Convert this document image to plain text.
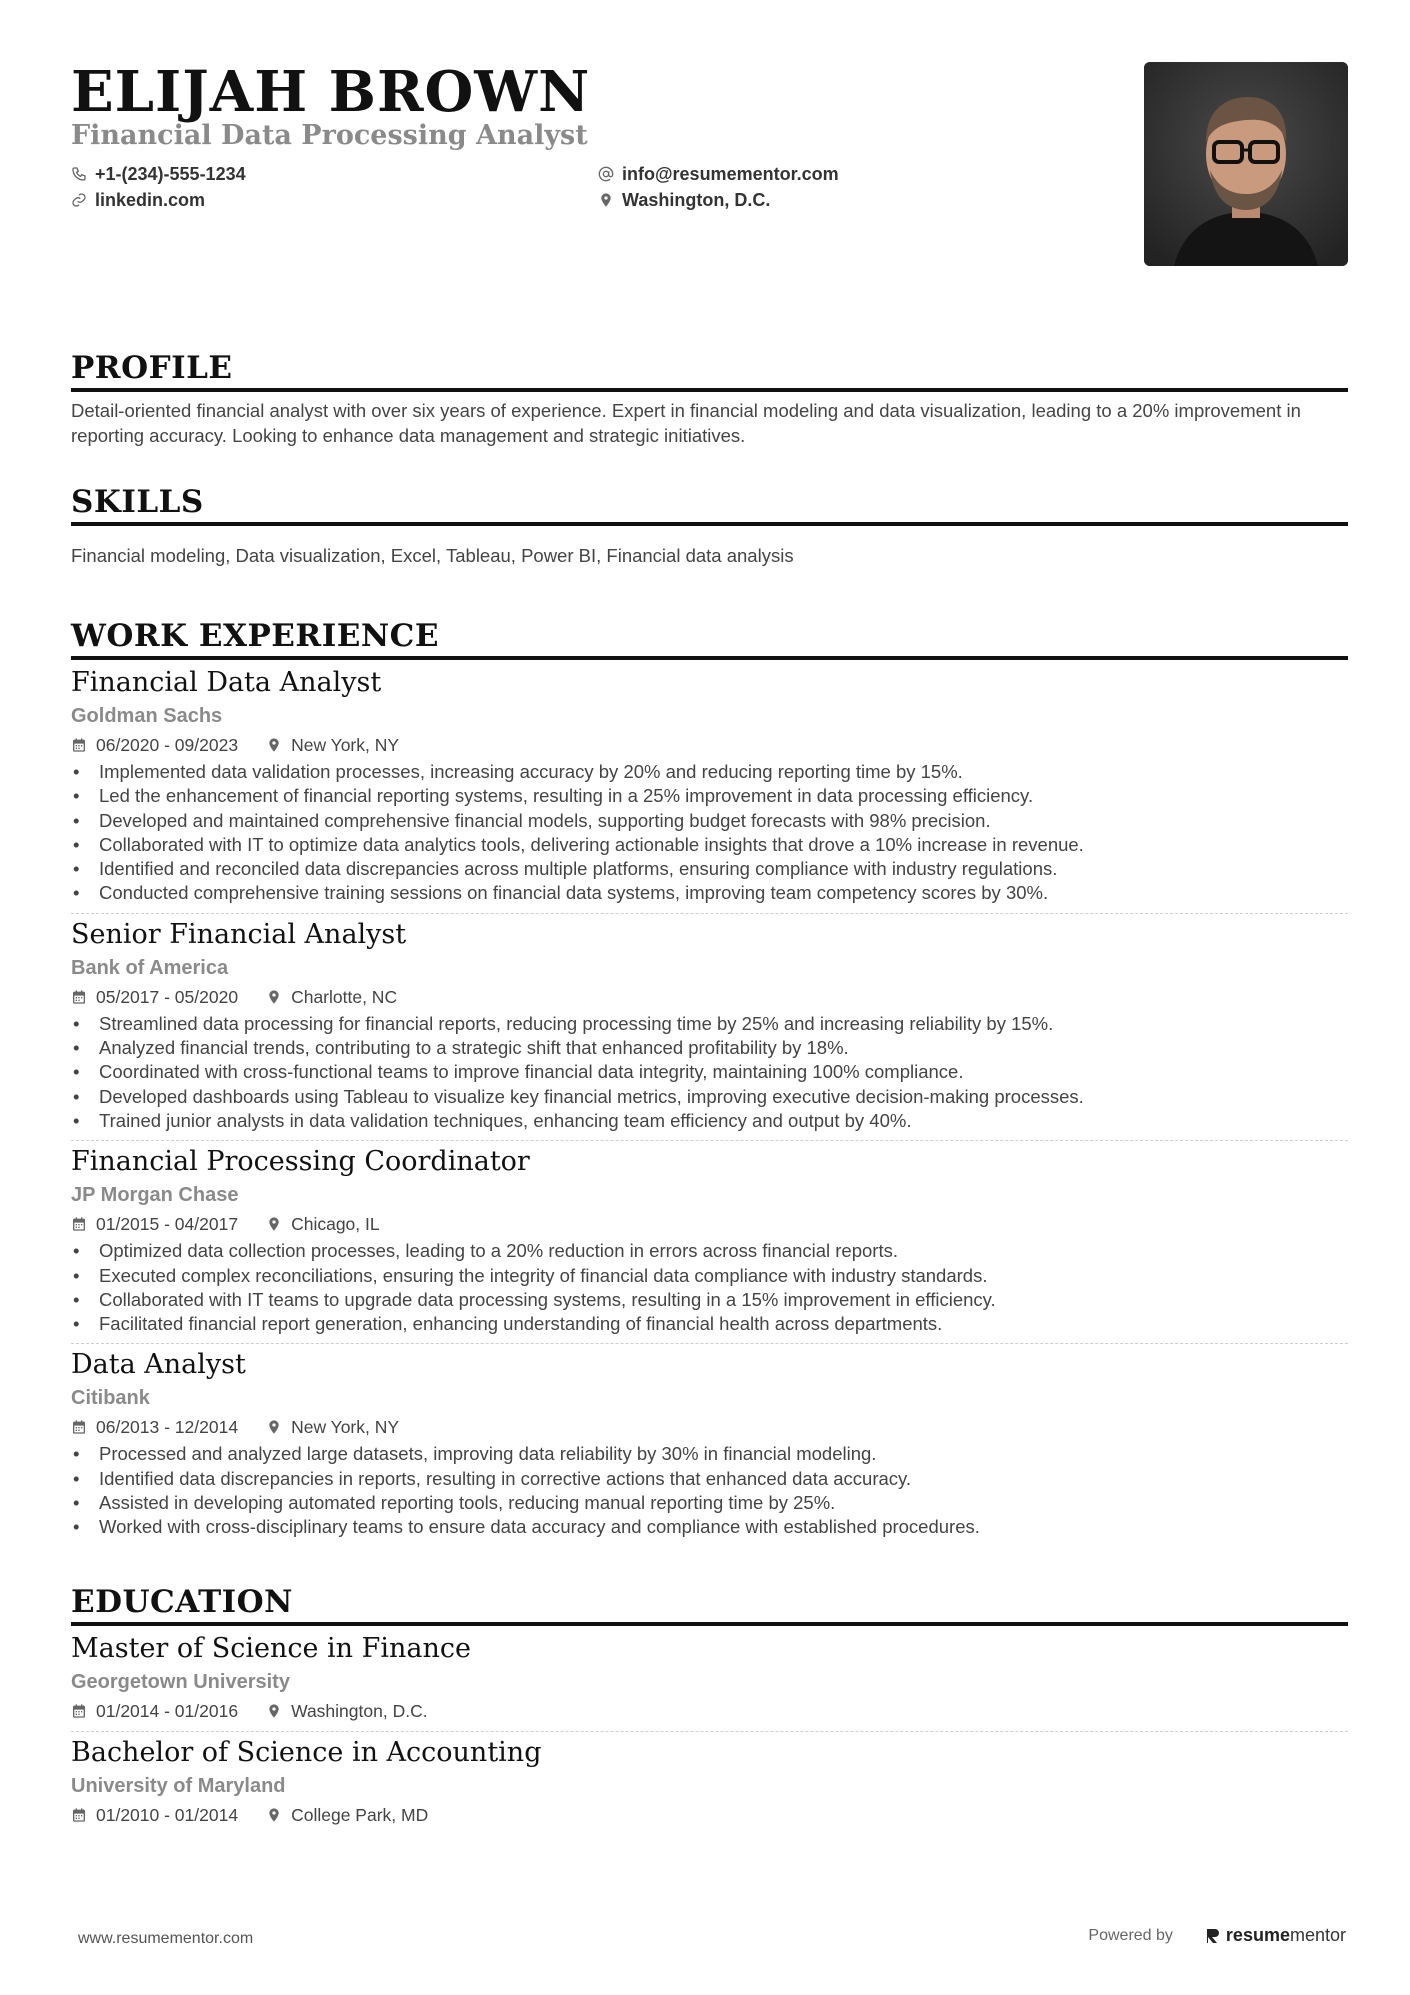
ELIJAH BROWN
Financial Data Processing Analyst
+1-(234)-555-1234
linkedin.com
info@resumementor.com
Washington, D.C.
PROFILE
Detail-oriented financial analyst with over six years of experience. Expert in financial modeling and data visualization, leading to a 20% improvement in reporting accuracy. Looking to enhance data management and strategic initiatives.
SKILLS
Financial modeling, Data visualization, Excel, Tableau, Power BI, Financial data analysis
WORK EXPERIENCE
Financial Data Analyst
Goldman Sachs
06/2020 - 09/2023	New York, NY
• Implemented data validation processes, increasing accuracy by 20% and reducing reporting time by 15%.
• Led the enhancement of financial reporting systems, resulting in a 25% improvement in data processing efficiency.
• Developed and maintained comprehensive financial models, supporting budget forecasts with 98% precision.
• Collaborated with IT to optimize data analytics tools, delivering actionable insights that drove a 10% increase in revenue.
• Identified and reconciled data discrepancies across multiple platforms, ensuring compliance with industry regulations.
• Conducted comprehensive training sessions on financial data systems, improving team competency scores by 30%.
Senior Financial Analyst
Bank of America
05/2017 - 05/2020	Charlotte, NC
• Streamlined data processing for financial reports, reducing processing time by 25% and increasing reliability by 15%.
• Analyzed financial trends, contributing to a strategic shift that enhanced profitability by 18%.
• Coordinated with cross-functional teams to improve financial data integrity, maintaining 100% compliance.
• Developed dashboards using Tableau to visualize key financial metrics, improving executive decision-making processes.
• Trained junior analysts in data validation techniques, enhancing team efficiency and output by 40%.
Financial Processing Coordinator
JP Morgan Chase
01/2015 - 04/2017	Chicago, IL
• Optimized data collection processes, leading to a 20% reduction in errors across financial reports.
• Executed complex reconciliations, ensuring the integrity of financial data compliance with industry standards.
• Collaborated with IT teams to upgrade data processing systems, resulting in a 15% improvement in efficiency.
• Facilitated financial report generation, enhancing understanding of financial health across departments.
Data Analyst
Citibank
06/2013 - 12/2014	New York, NY
• Processed and analyzed large datasets, improving data reliability by 30% in financial modeling.
• Identified data discrepancies in reports, resulting in corrective actions that enhanced data accuracy.
• Assisted in developing automated reporting tools, reducing manual reporting time by 25%.
• Worked with cross-disciplinary teams to ensure data accuracy and compliance with established procedures.
EDUCATION
Master of Science in Finance
Georgetown University
01/2014 - 01/2016	Washington, D.C.
Bachelor of Science in Accounting
University of Maryland
01/2010 - 01/2014	College Park, MD
www.resumementor.com	Powered by	resume mentor
